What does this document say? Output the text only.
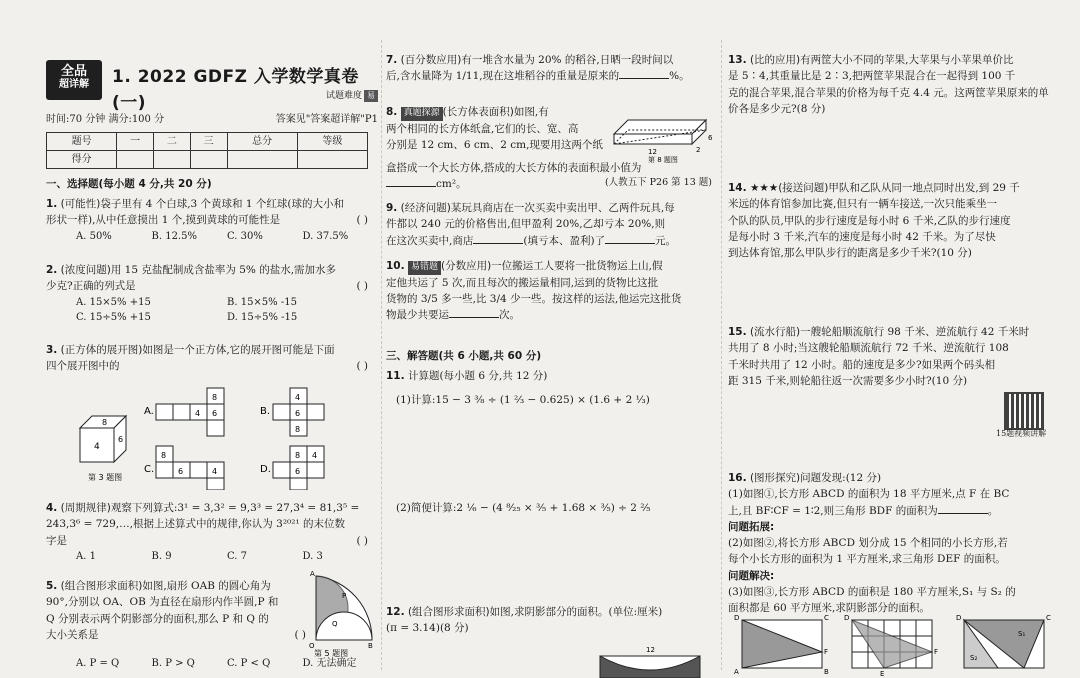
全品
超详解	1. 2022 GDFZ 入学数学真卷(一)	试题难度 易
时间:70 分钟 满分:100 分	答案见"答案超详解"P1
题号	一	二	三	总分	等级
得分					
一、选择题(每小题 4 分,共 20 分)

1. (可能性)袋子里有 4 个白球,3 个黄球和 1 个红球(球的大小和

形状一样),从中任意摸出 1 个,摸到黄球的可能性是	( )

A. 50%	B. 12.5%	C. 30%	D. 37.5%

2. (浓度问题)用 15 克盐配制成含盐率为 5% 的盐水,需加水多

少克?正确的列式是	( )

A. 15×5% +15	B. 15×5% -15
C. 15÷5% +15	D. 15÷5% -15

3. (正方体的展开图)如图是一个正方体,它的展开图可能是下面

四个展开图中的	( )

4
8
6
第 3 题图
A.
8
4 6	B.
4
6
8
C.
8
6	4	D.
8
6
4

4. (周期规律)观察下列算式:3¹ = 3,3² = 9,3³ = 27,3⁴ = 81,3⁵ =

243,3⁶ = 729,…,根据上述算式中的规律,你认为 3²⁰²¹ 的末位数

字是	( )

A. 1	B. 9	C. 7	D. 3

5. (组合图形求面积)如图,扇形 OAB 的圆心角为

90°,分别以 OA、OB 为直径在扇形内作半圆,P 和

Q 分别表示两个阴影部分的面积,那么 P 和 Q 的

大小关系是	( )

A
O	B
P
Q
第 5 题图
A. P = Q	B. P > Q	C. P < Q	D. 无法确定

7. (百分数应用)有一堆含水量为 20% 的稻谷,日晒一段时间以

后,含水量降为 1/11,现在这堆稻谷的重量是原来的	%。

8. 真题探源 (长方体表面积)如图,有

两个相同的长方体纸盒,它们的长、宽、高

分别是 12 cm、6 cm、2 cm,现要用这两个纸

12
6
2
第 8 题图

盒搭成一个大长方体,搭成的大长方体的表面积最小值为

cm²。	(人教五下 P26 第 13 题)

9. (经济问题)某玩具商店在一次买卖中卖出甲、乙两件玩具,每

件都以 240 元的价格售出,但甲盈利 20%,乙却亏本 20%,则

在这次买卖中,商店	(填亏本、盈利)了	元。

10. 易错题 (分数应用)一位搬运工人要将一批货物运上山,假

定他共运了 5 次,而且每次的搬运量相同,运到的货物比这批

货物的 3/5 多一些,比 3/4 少一些。按这样的运法,他运完这批货

物最少共要运	次。

三、解答题(共 6 小题,共 60 分)

11. 计算题(每小题 6 分,共 12 分)

(1)计算:15 − 3 ³⁄₈ ÷ (1 ²⁄₃ − 0.625) × (1.6 + 2 ¹⁄₃)

(2)简便计算:2 ¹⁄₆ − (4 ⁸⁄₂₅ × ³⁄₅ + 1.68 × ³⁄₅) ÷ 2 ²⁄₅

12. (组合图形求面积)如图,求阴影部分的面积。(单位:厘米)

(π = 3.14)(8 分)

12

13. (比的应用)有两筐大小不同的苹果,大苹果与小苹果单价比

是 5∶4,其重量比是 2∶3,把两筐苹果混合在一起得到 100 千

克的混合苹果,混合苹果的价格为每千克 4.4 元。这两筐苹果原来的单

价各是多少元?(8 分)

14. ★★★(接送问题)甲队和乙队从同一地点同时出发,到 29 千

米远的体育馆参加比赛,但只有一辆车接送,一次只能乘坐一

个队的队员,甲队的步行速度是每小时 6 千米,乙队的步行速度

是每小时 3 千米,汽车的速度是每小时 42 千米。为了尽快

到达体育馆,那么甲队步行的距离是多少千米?(10 分)

15. (流水行船)一艘轮船顺流航行 98 千米、逆流航行 42 千米时

共用了 8 小时;当这艘轮船顺流航行 72 千米、逆流航行 108

千米时共用了 12 小时。船的速度是多少?如果两个码头相

距 315 千米,则轮船往返一次需要多少小时?(10 分)

15题视频讲解

16. (图形探究)问题发现:(12 分)

(1)如图①,长方形 ABCD 的面积为 18 平方厘米,点 F 在 BC

上,且 BF∶CF = 1∶2,则三角形 BDF 的面积为	。

问题拓展:

(2)如图②,将长方形 ABCD 划分成 15 个相同的小长方形,若

每个小长方形的面积为 1 平方厘米,求三角形 DEF 的面积。

问题解决:

(3)如图③,长方形 ABCD 的面积是 180 平方厘米,S₁ 与 S₂ 的

面积都是 60 平方厘米,求阴影部分的面积。

D	C
A	B
F
D
F
E
D	C
S₁
S₂
